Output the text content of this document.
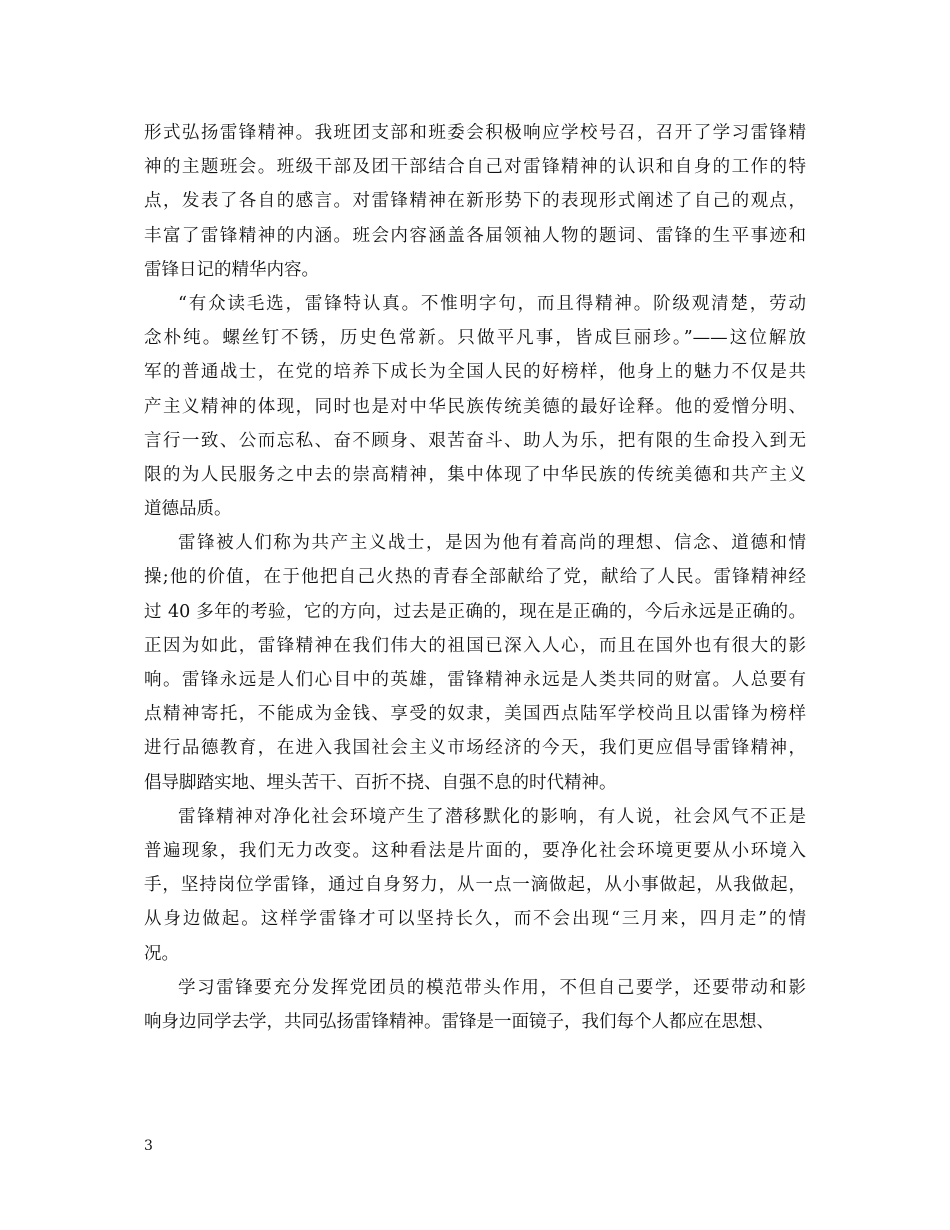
形式弘扬雷锋精神。我班团支部和班委会积极响应学校号召，召开了学习雷锋精
神的主题班会。班级干部及团干部结合自己对雷锋精神的认识和自身的工作的特
点，发表了各自的感言。对雷锋精神在新形势下的表现形式阐述了自己的观点，
丰富了雷锋精神的内涵。班会内容涵盖各届领袖人物的题词、雷锋的生平事迹和
雷锋日记的精华内容。
“有众读毛选，雷锋特认真。不惟明字句，而且得精神。阶级观清楚，劳动
念朴纯。螺丝钉不锈，历史色常新。只做平凡事，皆成巨丽珍。”——这位解放
军的普通战士，在党的培养下成长为全国人民的好榜样，他身上的魅力不仅是共
产主义精神的体现，同时也是对中华民族传统美德的最好诠释。他的爱憎分明、
言行一致、公而忘私、奋不顾身、艰苦奋斗、助人为乐，把有限的生命投入到无
限的为人民服务之中去的崇高精神，集中体现了中华民族的传统美德和共产主义
道德品质。
雷锋被人们称为共产主义战士，是因为他有着高尚的理想、信念、道德和情
操;他的价值，在于他把自己火热的青春全部献给了党，献给了人民。雷锋精神经
过 40 多年的考验，它的方向，过去是正确的，现在是正确的，今后永远是正确的。
正因为如此，雷锋精神在我们伟大的祖国已深入人心，而且在国外也有很大的影
响。雷锋永远是人们心目中的英雄，雷锋精神永远是人类共同的财富。人总要有
点精神寄托，不能成为金钱、享受的奴隶，美国西点陆军学校尚且以雷锋为榜样
进行品德教育，在进入我国社会主义市场经济的今天，我们更应倡导雷锋精神，
倡导脚踏实地、埋头苦干、百折不挠、自强不息的时代精神。
雷锋精神对净化社会环境产生了潜移默化的影响，有人说，社会风气不正是
普遍现象，我们无力改变。这种看法是片面的，要净化社会环境更要从小环境入
手，坚持岗位学雷锋，通过自身努力，从一点一滴做起，从小事做起，从我做起，
从身边做起。这样学雷锋才可以坚持长久，而不会出现“三月来，四月走”的情
况。
学习雷锋要充分发挥党团员的模范带头作用，不但自己要学，还要带动和影
响身边同学去学，共同弘扬雷锋精神。雷锋是一面镜子，我们每个人都应在思想、
3
